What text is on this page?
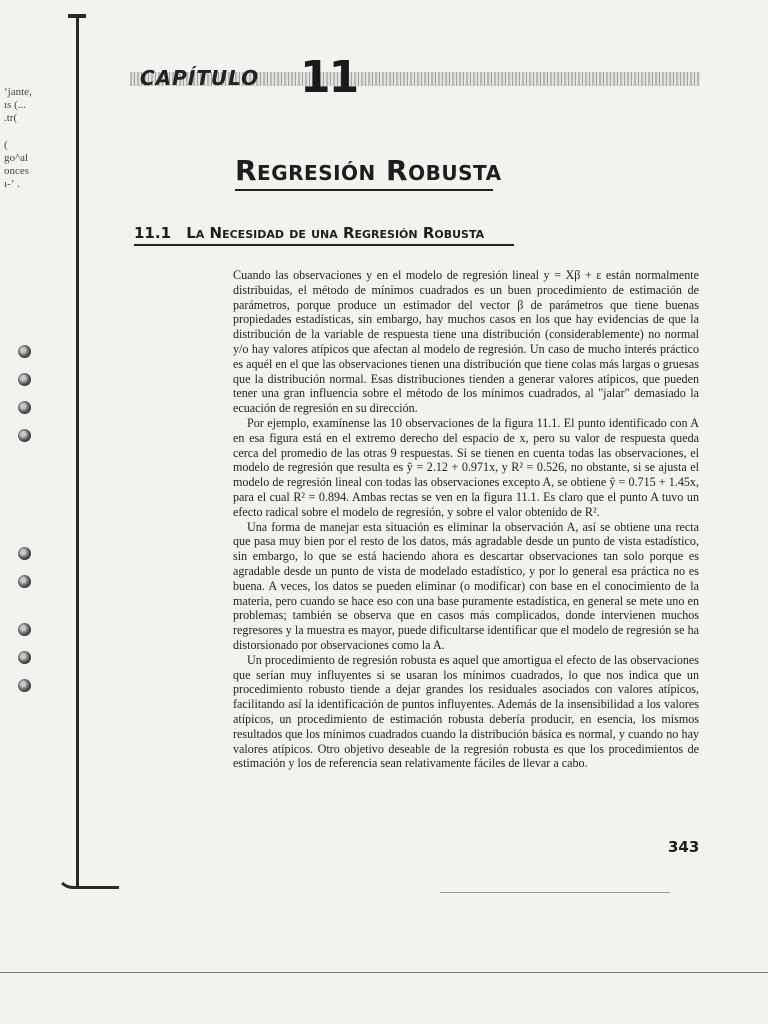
ʻjante,
ıs (...
.tr(
(
go^al
onces
ı-ʼ .
CAPÍTULO 11
Regresión Robusta
11.1 La Necesidad de una Regresión Robusta

Cuando las observaciones y en el modelo de regresión lineal y = Xβ + ε están normalmente distribuidas, el método de mínimos cuadrados es un buen procedimiento de estimación de parámetros, porque produce un estimador del vector β de parámetros que tiene buenas propiedades estadísticas, sin embargo, hay muchos casos en los que hay evidencias de que la distribución de la variable de respuesta tiene una distribución (considerablemente) no normal y/o hay valores atípicos que afectan al modelo de regresión. Un caso de mucho interés práctico es aquél en el que las observaciones tienen una distribución que tiene colas más largas o gruesas que la distribución normal. Esas distribuciones tienden a generar valores atípicos, que pueden tener una gran influencia sobre el método de los mínimos cuadrados, al "jalar" demasiado la ecuación de regresión en su dirección.

Por ejemplo, examínense las 10 observaciones de la figura 11.1. El punto identificado con A en esa figura está en el extremo derecho del espacio de x, pero su valor de respuesta queda cerca del promedio de las otras 9 respuestas. Si se tienen en cuenta todas las observaciones, el modelo de regresión que resulta es ŷ = 2.12 + 0.971x, y R² = 0.526, no obstante, si se ajusta el modelo de regresión lineal con todas las observaciones excepto A, se obtiene ŷ = 0.715 + 1.45x, para el cual R² = 0.894. Ambas rectas se ven en la figura 11.1. Es claro que el punto A tuvo un efecto radical sobre el modelo de regresión, y sobre el valor obtenido de R².

Una forma de manejar esta situación es eliminar la observación A, así se obtiene una recta que pasa muy bien por el resto de los datos, más agradable desde un punto de vista estadístico, sin embargo, lo que se está haciendo ahora es descartar observaciones tan solo porque es agradable desde un punto de vista de modelado estadístico, y por lo general esa práctica no es buena. A veces, los datos se pueden eliminar (o modificar) con base en el conocimiento de la materia, pero cuando se hace eso con una base puramente estadística, en general se mete uno en problemas; también se observa que en casos más complicados, donde intervienen muchos regresores y la muestra es mayor, puede dificultarse identificar que el modelo de regresión se ha distorsionado por observaciones como la A.

Un procedimiento de regresión robusta es aquel que amortigua el efecto de las observaciones que serían muy influyentes si se usaran los mínimos cuadrados, lo que nos indica que un procedimiento robusto tiende a dejar grandes los residuales asociados con valores atípicos, facilitando así la identificación de puntos influyentes. Además de la insensibilidad a los valores atípicos, un procedimiento de estimación robusta debería producir, en esencia, los mismos resultados que los mínimos cuadrados cuando la distribución básica es normal, y cuando no hay valores atípicos. Otro objetivo deseable de la regresión robusta es que los procedimientos de estimación y los de referencia sean relativamente fáciles de llevar a cabo.

343
